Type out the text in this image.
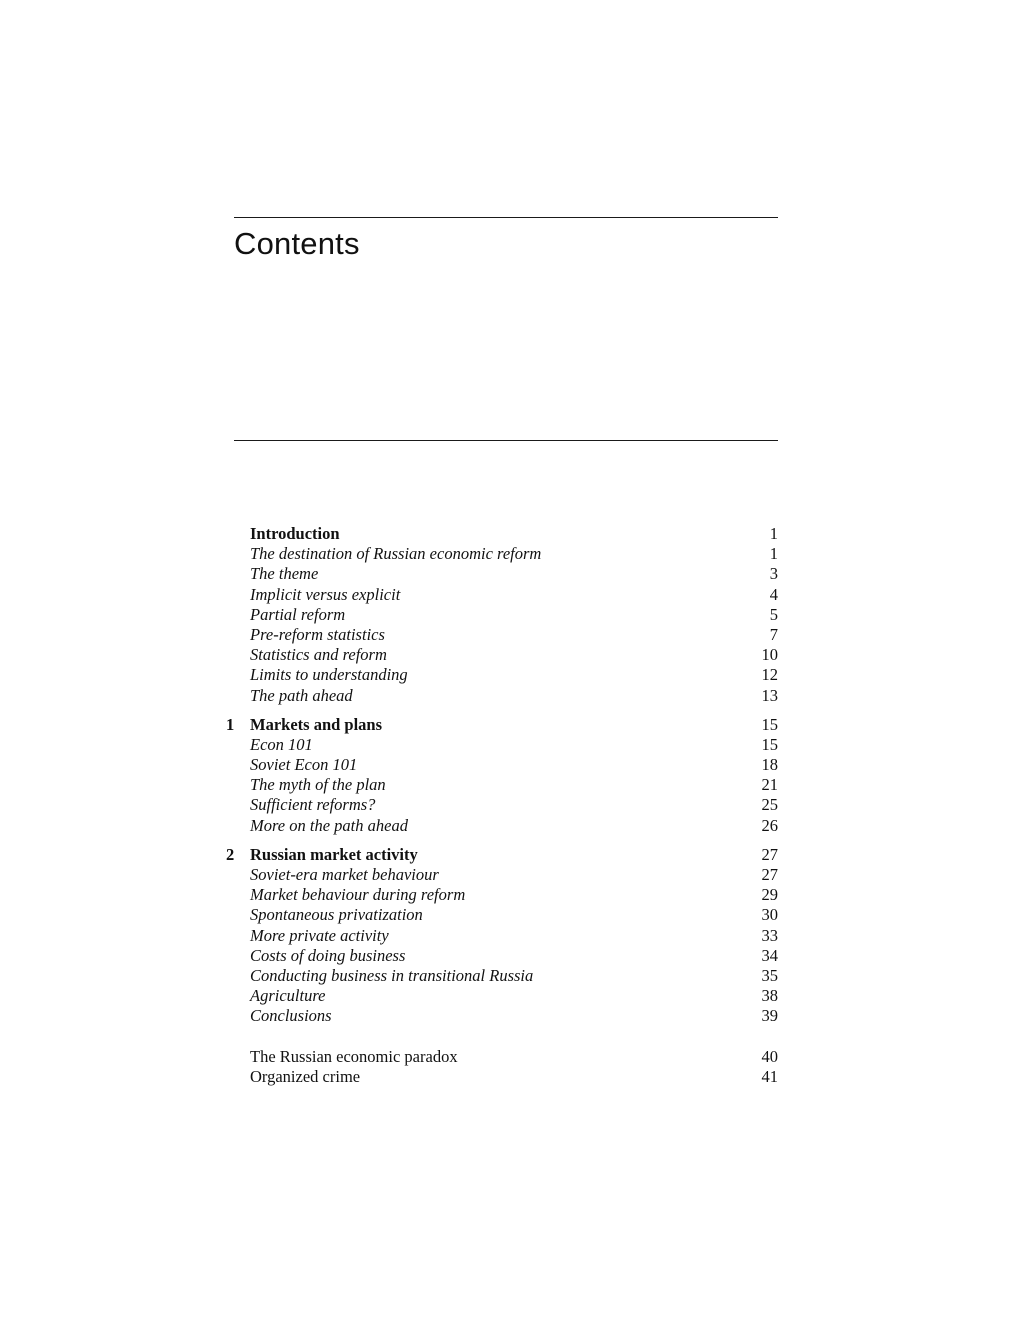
Contents
Introduction	1
The destination of Russian economic reform	1
The theme	3
Implicit versus explicit	4
Partial reform	5
Pre-reform statistics	7
Statistics and reform	10
Limits to understanding	12
The path ahead	13
1 Markets and plans	15
Econ 101	15
Soviet Econ 101	18
The myth of the plan	21
Sufficient reforms?	25
More on the path ahead	26
2 Russian market activity	27
Soviet-era market behaviour	27
Market behaviour during reform	29
Spontaneous privatization	30
More private activity	33
Costs of doing business	34
Conducting business in transitional Russia	35
Agriculture	38
Conclusions	39
The Russian economic paradox	40
Organized crime	41
